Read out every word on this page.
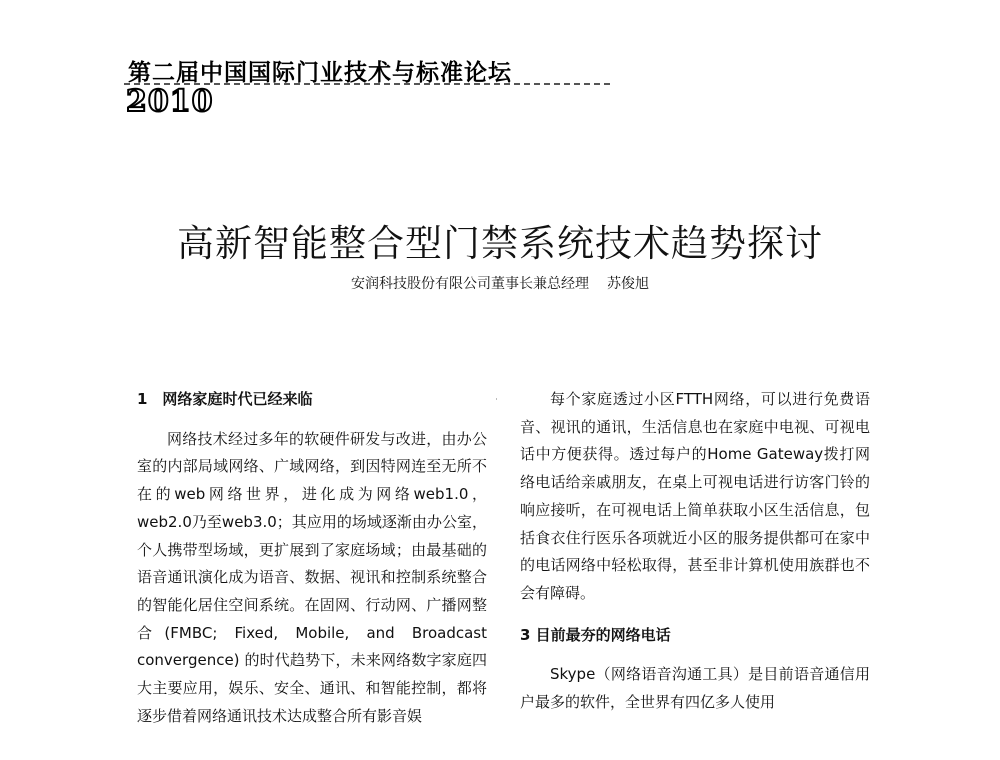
第二届中国国际门业技术与标准论坛
2010
高新智能整合型门禁系统技术趋势探讨
安润科技股份有限公司董事长兼总经理 苏俊旭
1　网络家庭时代已经来临

网络技术经过多年的软硬件研发与改进，由办公室的内部局域网络、广域网络，到因特网连至无所不在的web网络世界，进化成为网络web1.0，web2.0乃至web3.0；其应用的场域逐渐由办公室，个人携带型场域，更扩展到了家庭场域；由最基础的语音通讯演化成为语音、数据、视讯和控制系统整合的智能化居住空间系统。在固网、行动网、广播网整合(FMBC; Fixed, Mobile, and Broadcast convergence) 的时代趋势下，未来网络数字家庭四大主要应用，娱乐、安全、通讯、和智能控制，都将逐步借着网络通讯技术达成整合所有影音娱

每个家庭透过小区FTTH网络，可以进行免费语音、视讯的通讯，生活信息也在家庭中电视、可视电话中方便获得。透过每户的Home Gateway拨打网络电话给亲戚朋友，在桌上可视电话进行访客门铃的响应接听，在可视电话上简单获取小区生活信息，包括食衣住行医乐各项就近小区的服务提供都可在家中的电话网络中轻松取得，甚至非计算机使用族群也不会有障碍。

3 目前最夯的网络电话

Skype（网络语音沟通工具）是目前语音通信用户最多的软件，全世界有四亿多人使用
